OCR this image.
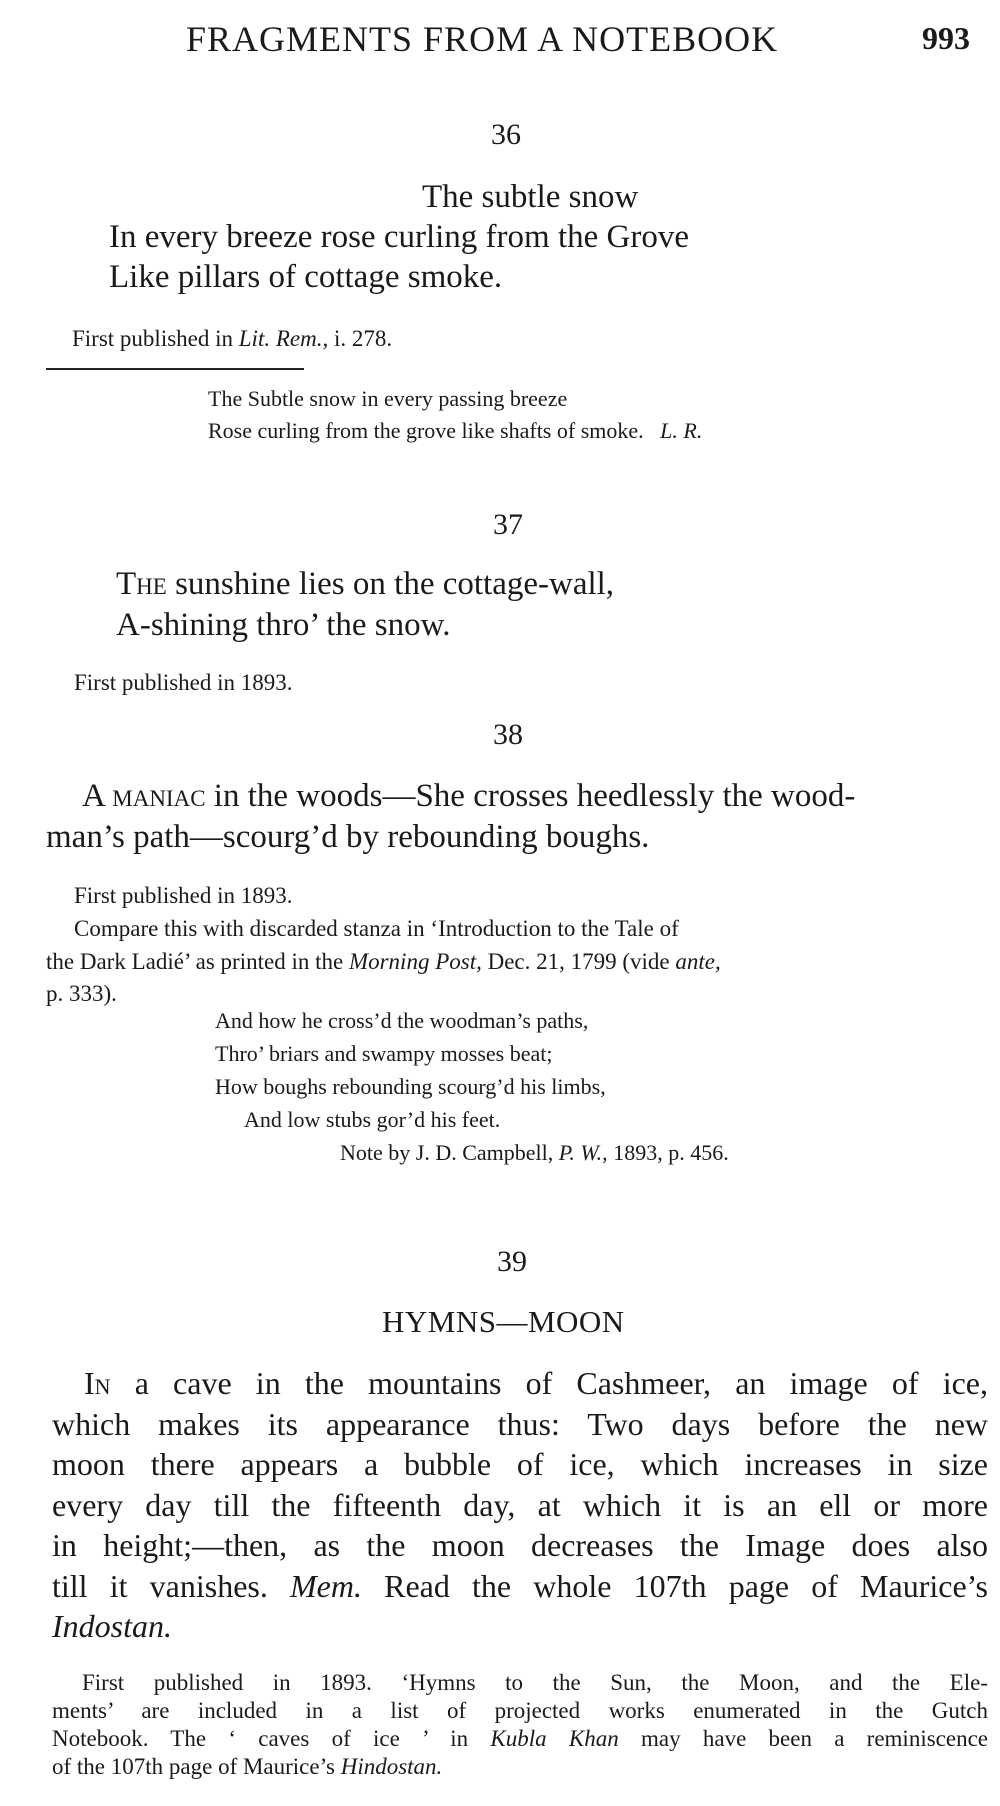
FRAGMENTS FROM A NOTEBOOK	993
36
The subtle snow
In every breeze rose curling from the Grove
Like pillars of cottage smoke.
First published in Lit. Rem., i. 278.
The Subtle snow in every passing breeze
Rose curling from the grove like shafts of smoke. L. R.
37
The sunshine lies on the cottage-wall,
A-shining thro’ the snow.
First published in 1893.
38
A maniac in the woods—She crosses heedlessly the wood-
man’s path—scourg’d by rebounding boughs.
First published in 1893.
Compare this with discarded stanza in ‘Introduction to the Tale of
the Dark Ladié’ as printed in the Morning Post, Dec. 21, 1799 (vide ante,
p. 333).
And how he cross’d the woodman’s paths,
Thro’ briars and swampy mosses beat;
How boughs rebounding scourg’d his limbs,
And low stubs gor’d his feet.
Note by J. D. Campbell, P. W., 1893, p. 456.
39
HYMNS—MOON
In a cave in the mountains of Cashmeer, an image of ice,
which makes its appearance thus: Two days before the new
moon there appears a bubble of ice, which increases in size
every day till the fifteenth day, at which it is an ell or more
in height;—then, as the moon decreases the Image does also
till it vanishes. Mem. Read the whole 107th page of Maurice’s
Indostan.
First published in 1893. ‘Hymns to the Sun, the Moon, and the Ele-
ments’ are included in a list of projected works enumerated in the Gutch
Notebook. The ‘ caves of ice ’ in Kubla Khan may have been a reminiscence
of the 107th page of Maurice’s Hindostan.
